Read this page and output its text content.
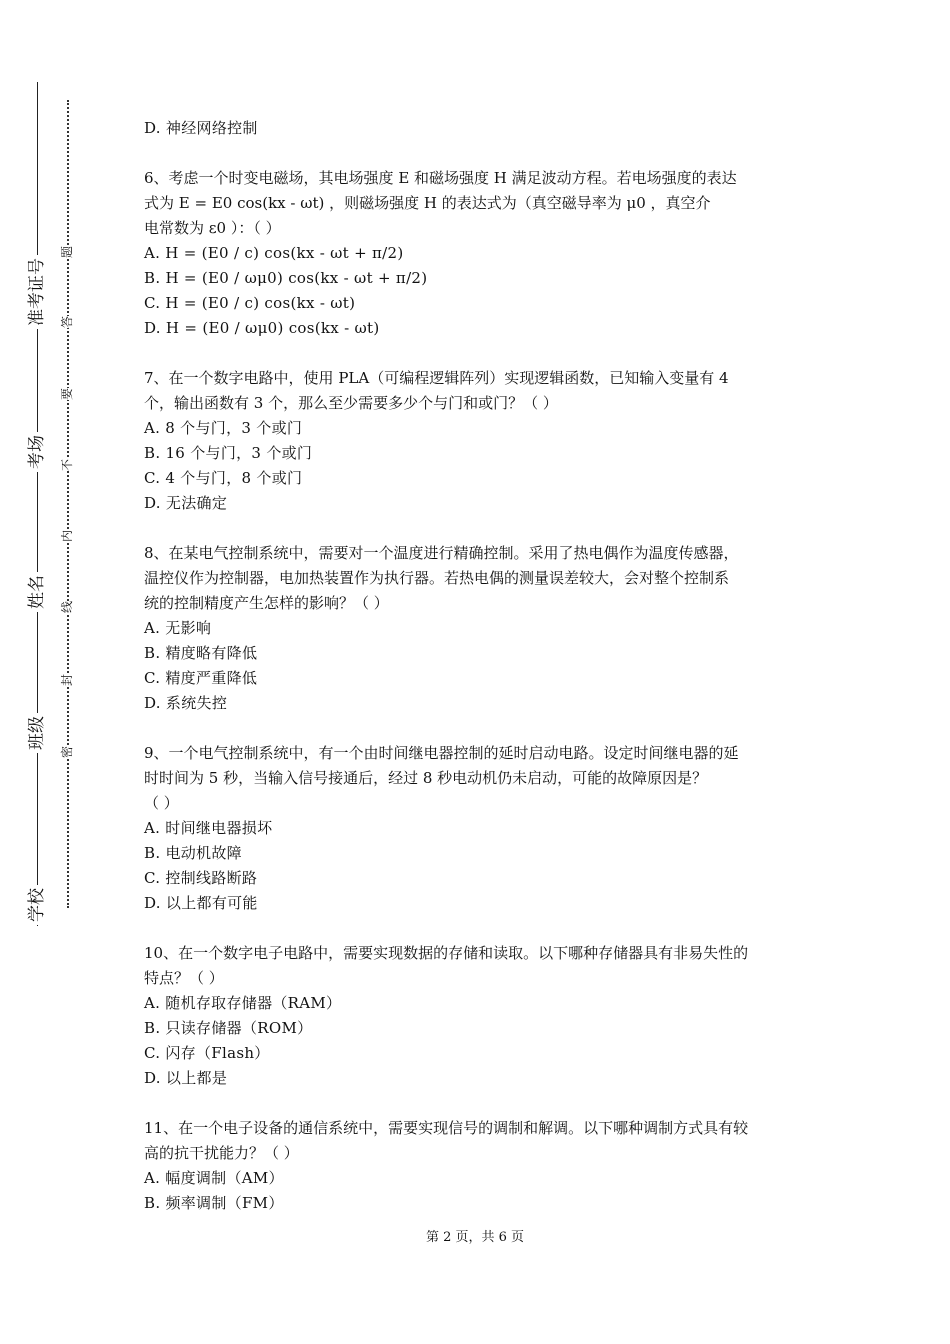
准考证号
考场
姓名
班级
学校
题
答
要
不
内
线
封
密
D. 神经网络控制
6、考虑一个时变电磁场，其电场强度 E 和磁场强度 H 满足波动方程。若电场强度的表达
式为 E = E0 cos(kx - ωt) ，则磁场强度 H 的表达式为（真空磁导率为 μ0 ，真空介
电常数为 ε0 ）：（ ）
A. H = (E0 / c) cos(kx - ωt + π/2)
B. H = (E0 / ωμ0) cos(kx - ωt + π/2)
C. H = (E0 / c) cos(kx - ωt)
D. H = (E0 / ωμ0) cos(kx - ωt)
7、在一个数字电路中，使用 PLA（可编程逻辑阵列）实现逻辑函数，已知输入变量有 4
个，输出函数有 3 个，那么至少需要多少个与门和或门？（ ）
A. 8 个与门，3 个或门
B. 16 个与门，3 个或门
C. 4 个与门，8 个或门
D. 无法确定
8、在某电气控制系统中，需要对一个温度进行精确控制。采用了热电偶作为温度传感器，
温控仪作为控制器，电加热装置作为执行器。若热电偶的测量误差较大，会对整个控制系
统的控制精度产生怎样的影响？（ ）
A. 无影响
B. 精度略有降低
C. 精度严重降低
D. 系统失控
9、一个电气控制系统中，有一个由时间继电器控制的延时启动电路。设定时间继电器的延
时时间为 5 秒，当输入信号接通后，经过 8 秒电动机仍未启动，可能的故障原因是？
（ ）
A. 时间继电器损坏
B. 电动机故障
C. 控制线路断路
D. 以上都有可能
10、在一个数字电子电路中，需要实现数据的存储和读取。以下哪种存储器具有非易失性的
特点？（ ）
A. 随机存取存储器（RAM）
B. 只读存储器（ROM）
C. 闪存（Flash）
D. 以上都是
11、在一个电子设备的通信系统中，需要实现信号的调制和解调。以下哪种调制方式具有较
高的抗干扰能力？（ ）
A. 幅度调制（AM）
B. 频率调制（FM）
第 2 页，共 6 页
